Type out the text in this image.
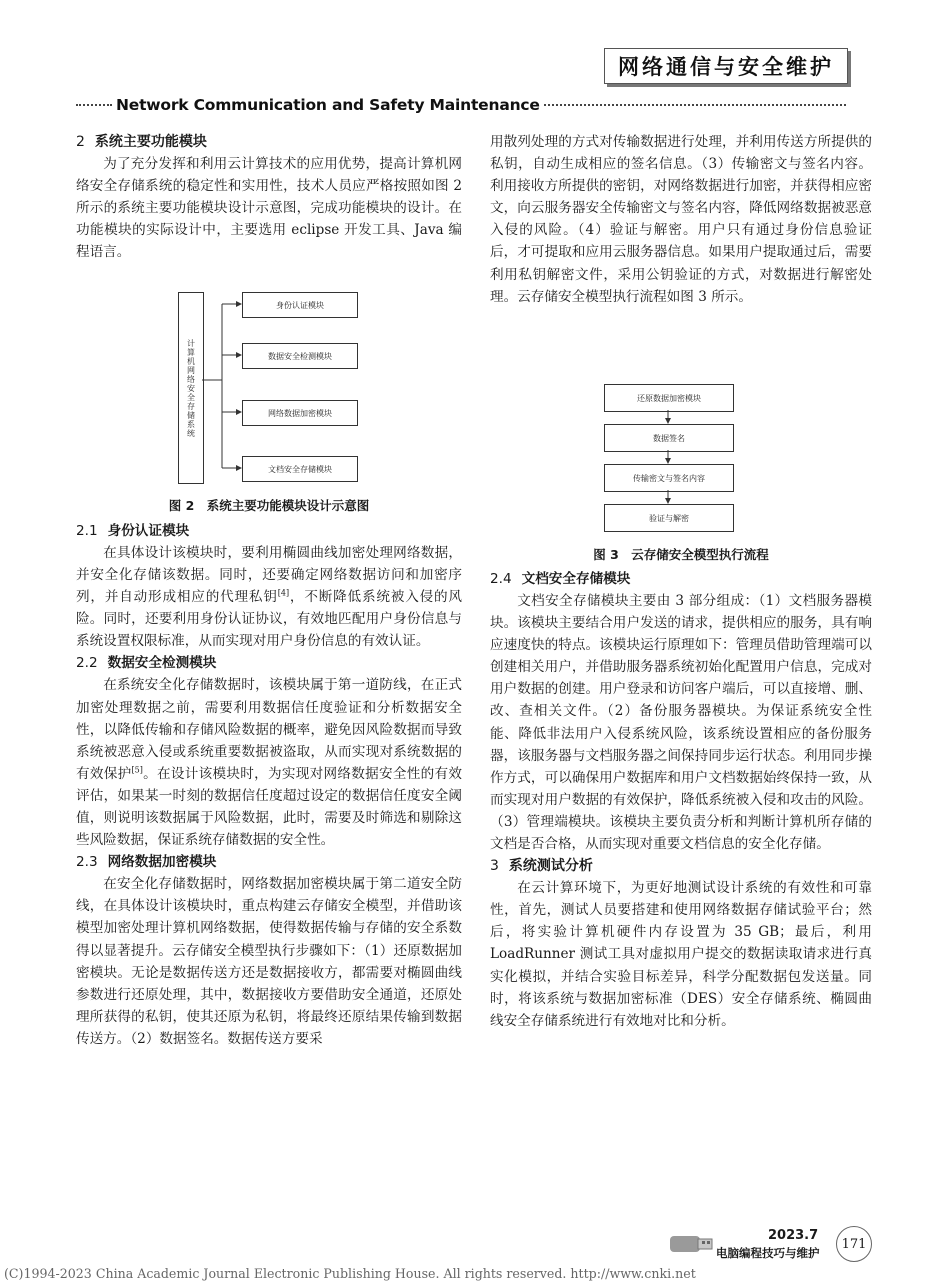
网络通信与安全维护
Network Communication and Safety Maintenance
2 系统主要功能模块

为了充分发挥和利用云计算技术的应用优势，提高计算机网络安全存储系统的稳定性和实用性，技术人员应严格按照如图 2 所示的系统主要功能模块设计示意图，完成功能模块的设计。在功能模块的实际设计中，主要选用 eclipse 开发工具、Java 编程语言。

计算机网络安全存储系统
身份认证模块
数据安全检测模块
网络数据加密模块
文档安全存储模块
图 2　系统主要功能模块设计示意图
2.1 身份认证模块

在具体设计该模块时，要利用椭圆曲线加密处理网络数据，并安全化存储该数据。同时，还要确定网络数据访问和加密序列，并自动形成相应的代理私钥[4]，不断降低系统被入侵的风险。同时，还要利用身份认证协议，有效地匹配用户身份信息与系统设置权限标准，从而实现对用户身份信息的有效认证。

2.2 数据安全检测模块

在系统安全化存储数据时，该模块属于第一道防线，在正式加密处理数据之前，需要利用数据信任度验证和分析数据安全性，以降低传输和存储风险数据的概率，避免因风险数据而导致系统被恶意入侵或系统重要数据被盗取，从而实现对系统数据的有效保护[5]。在设计该模块时，为实现对网络数据安全性的有效评估，如果某一时刻的数据信任度超过设定的数据信任度安全阈值，则说明该数据属于风险数据，此时，需要及时筛选和剔除这些风险数据，保证系统存储数据的安全性。

2.3 网络数据加密模块

在安全化存储数据时，网络数据加密模块属于第二道安全防线，在具体设计该模块时，重点构建云存储安全模型，并借助该模型加密处理计算机网络数据，使得数据传输与存储的安全系数得以显著提升。云存储安全模型执行步骤如下：（1）还原数据加密模块。无论是数据传送方还是数据接收方，都需要对椭圆曲线参数进行还原处理，其中，数据接收方要借助安全通道，还原处理所获得的私钥，使其还原为私钥，将最终还原结果传输到数据传送方。（2）数据签名。数据传送方要采

用散列处理的方式对传输数据进行处理，并利用传送方所提供的私钥，自动生成相应的签名信息。（3）传输密文与签名内容。利用接收方所提供的密钥，对网络数据进行加密，并获得相应密文，向云服务器安全传输密文与签名内容，降低网络数据被恶意入侵的风险。（4）验证与解密。用户只有通过身份信息验证后，才可提取和应用云服务器信息。如果用户提取通过后，需要利用私钥解密文件，采用公钥验证的方式，对数据进行解密处理。云存储安全模型执行流程如图 3 所示。

还原数据加密模块
数据签名
传输密文与签名内容
验证与解密
图 3　云存储安全模型执行流程
2.4 文档安全存储模块

文档安全存储模块主要由 3 部分组成：（1）文档服务器模块。该模块主要结合用户发送的请求，提供相应的服务，具有响应速度快的特点。该模块运行原理如下：管理员借助管理端可以创建相关用户，并借助服务器系统初始化配置用户信息，完成对用户数据的创建。用户登录和访问客户端后，可以直接增、删、改、查相关文件。（2）备份服务器模块。为保证系统安全性能、降低非法用户入侵系统风险，该系统设置相应的备份服务器，该服务器与文档服务器之间保持同步运行状态。利用同步操作方式，可以确保用户数据库和用户文档数据始终保持一致，从而实现对用户数据的有效保护，降低系统被入侵和攻击的风险。（3）管理端模块。该模块主要负责分析和判断计算机所存储的文档是否合格，从而实现对重要文档信息的安全化存储。

3 系统测试分析

在云计算环境下，为更好地测试设计系统的有效性和可靠性，首先，测试人员要搭建和使用网络数据存储试验平台；然后，将实验计算机硬件内存设置为 35 GB；最后，利用 LoadRunner 测试工具对虚拟用户提交的数据读取请求进行真实化模拟，并结合实验目标差异，科学分配数据包发送量。同时，将该系统与数据加密标准（DES）安全存储系统、椭圆曲线安全存储系统进行有效地对比和分析。

2023.7
电脑编程技巧与维护
171
(C)1994-2023 China Academic Journal Electronic Publishing House. All rights reserved. http://www.cnki.net
